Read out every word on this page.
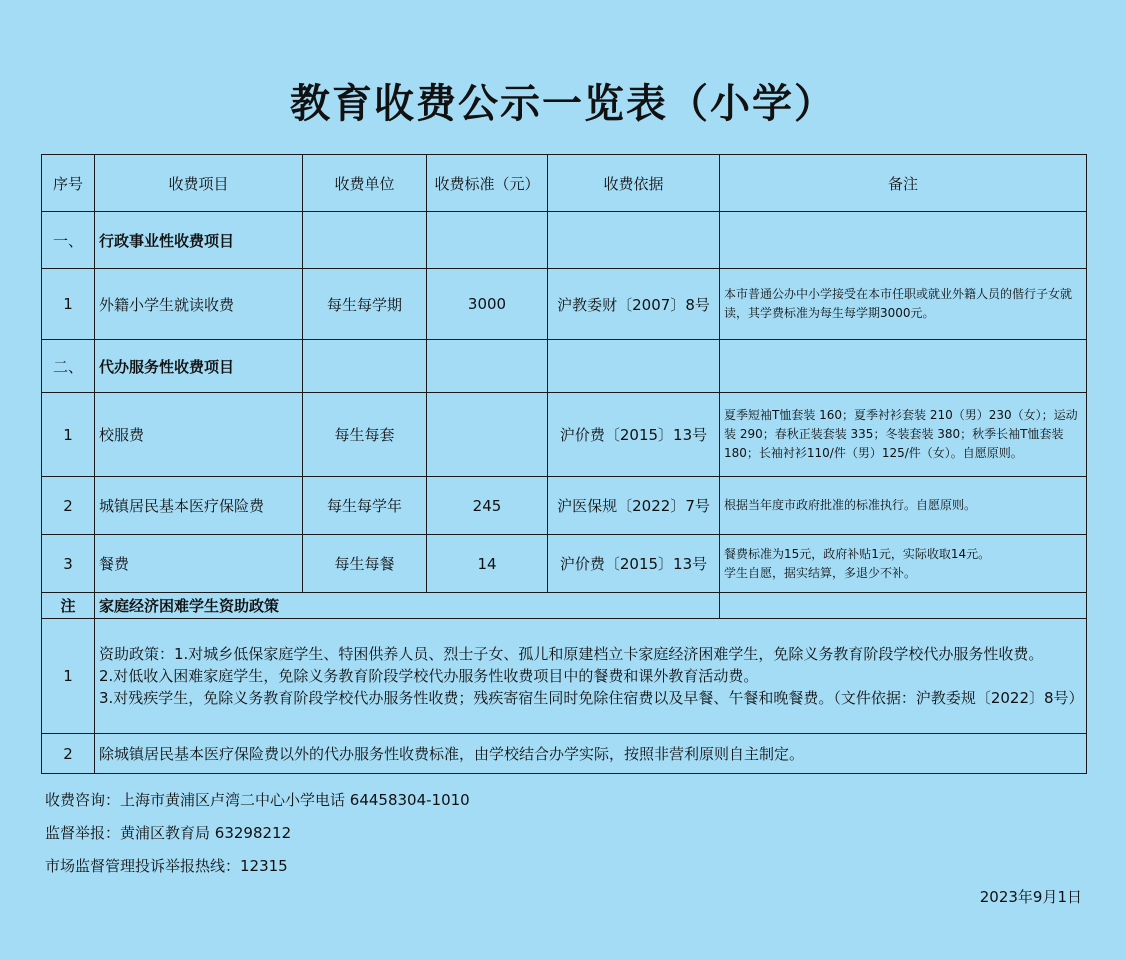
教育收费公示一览表（小学）
序号	收费项目	收费单位	收费标准（元）	收费依据	备注
一、	行政事业性收费项目				
1	外籍小学生就读收费	每生每学期	3000	沪教委财〔2007〕8号	本市普通公办中小学接受在本市任职或就业外籍人员的偕行子女就读，其学费标准为每生每学期3000元。
二、	代办服务性收费项目				
1	校服费	每生每套		沪价费〔2015〕13号	夏季短袖T恤套装 160；夏季衬衫套装 210（男）230（女）；运动装 290；春秋正装套装 335；冬装套装 380；秋季长袖T恤套装180；长袖衬衫110/件（男）125/件（女）。自愿原则。
2	城镇居民基本医疗保险费	每生每学年	245	沪医保规〔2022〕7号	根据当年度市政府批准的标准执行。自愿原则。
3	餐费	每生每餐	14	沪价费〔2015〕13号	餐费标准为15元，政府补贴1元，实际收取14元。
学生自愿，据实结算，多退少不补。

注	家庭经济困难学生资助政策				
1	资助政策：1.对城乡低保家庭学生、特困供养人员、烈士子女、孤儿和原建档立卡家庭经济困难学生，免除义务教育阶段学校代办服务性收费。
2.对低收入困难家庭学生，免除义务教育阶段学校代办服务性收费项目中的餐费和课外教育活动费。
3.对残疾学生，免除义务教育阶段学校代办服务性收费；残疾寄宿生同时免除住宿费以及早餐、午餐和晚餐费。（文件依据：沪教委规〔2022〕8号）				

2	除城镇居民基本医疗保险费以外的代办服务性收费标准，由学校结合办学实际，按照非营利原则自主制定。				
收费咨询：上海市黄浦区卢湾二中心小学电话 64458304-1010
监督举报：黄浦区教育局 63298212
市场监督管理投诉举报热线：12315
2023年9月1日
